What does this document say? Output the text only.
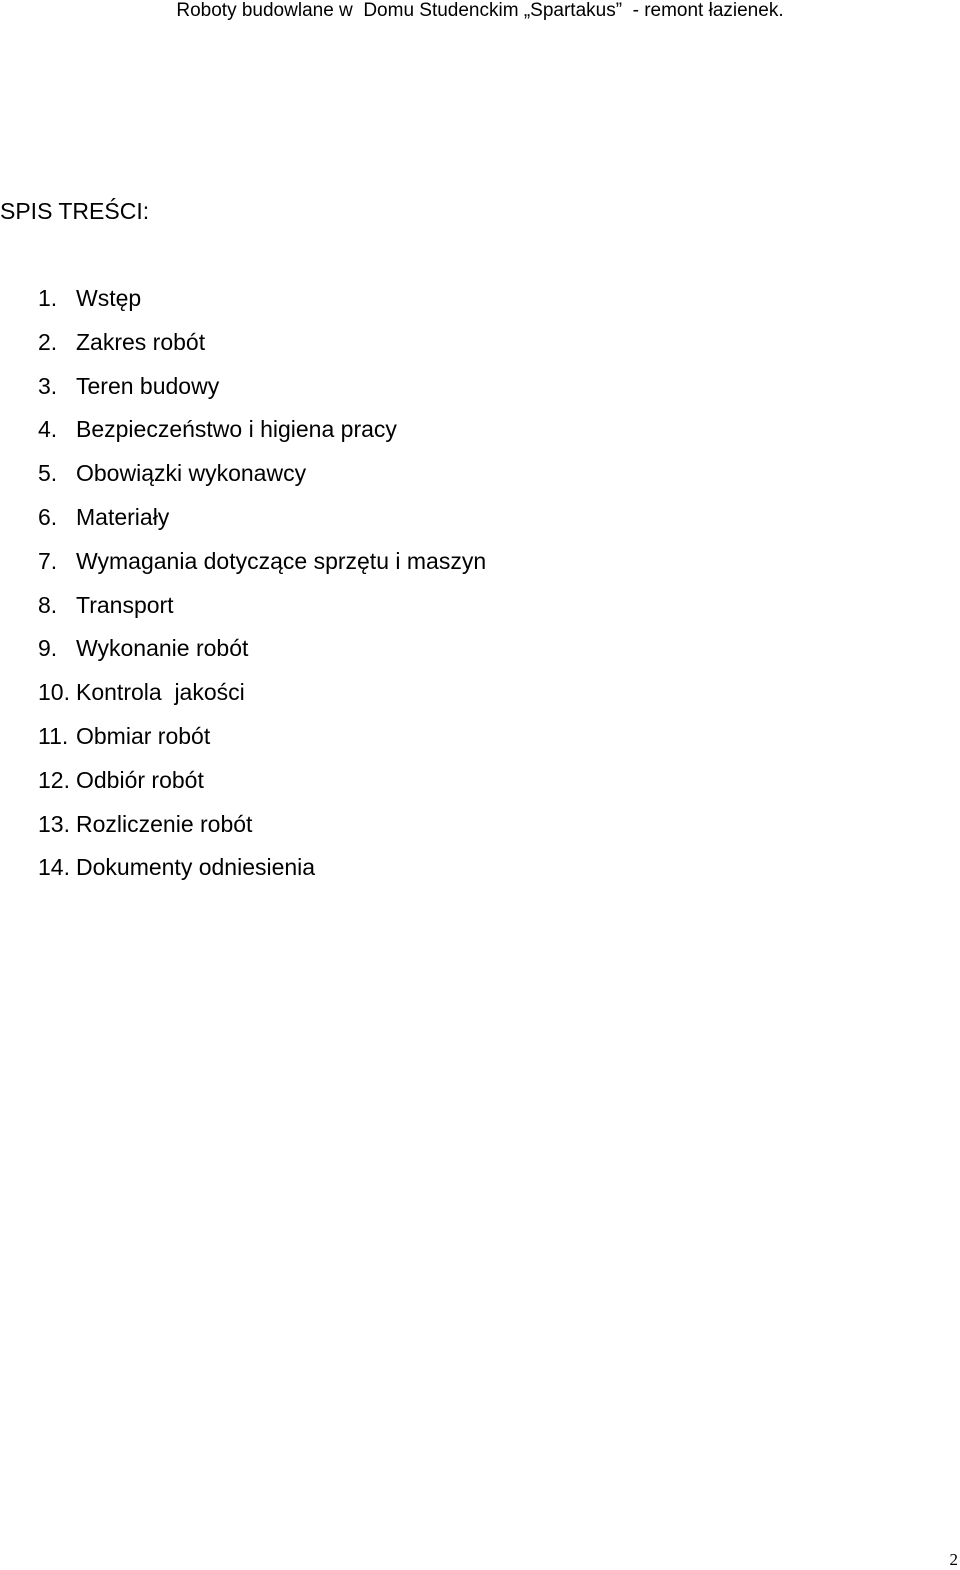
Roboty budowlane w  Domu Studenckim „Spartakus”  - remont łazienek.
SPIS TREŚCI:
1. Wstęp
2. Zakres robót
3. Teren budowy
4. Bezpieczeństwo i higiena pracy
5. Obowiązki wykonawcy
6. Materiały
7. Wymagania dotyczące sprzętu i maszyn
8. Transport
9. Wykonanie robót
10. Kontrola  jakości
11. Obmiar robót
12. Odbiór robót
13. Rozliczenie robót
14. Dokumenty odniesienia
2
